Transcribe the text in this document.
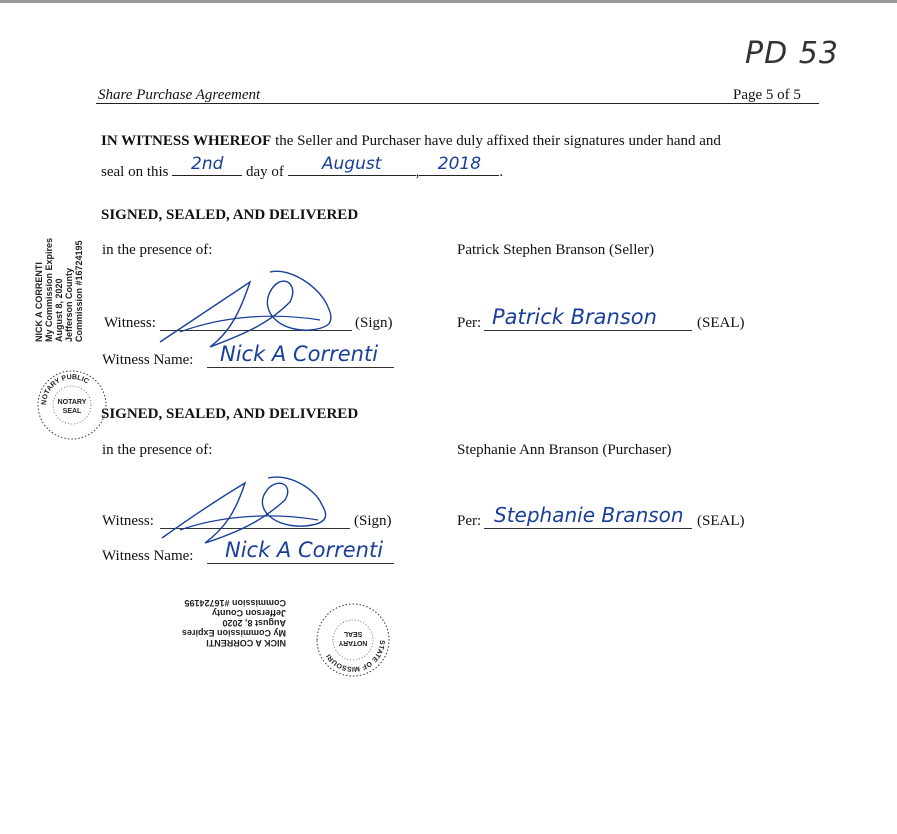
PD 53
Share Purchase Agreement	Page 5 of 5
IN WITNESS WHEREOF the Seller and Purchaser have duly affixed their signatures under hand and
seal on this	2nd	day of	August	,	2018	.
SIGNED, SEALED, AND DELIVERED
in the presence of:
Witness:	(Sign)
Witness Name: Nick A Correnti
Patrick Stephen Branson (Seller)
Per: Patrick Branson	(SEAL)
SIGNED, SEALED, AND DELIVERED
in the presence of:
Witness:	(Sign)
Witness Name: Nick A Correnti
Stephanie Ann Branson (Purchaser)
Per: Stephanie Branson (SEAL)
NICK A CORRENTI My Commission Expires August 8, 2020 Jefferson County Commission #16724195
NOTARY PUBLIC
NOTARY
SEAL
NICK A CORRENTI
My Commission Expires
August 8, 2020
Jefferson County
Commission #16724195
STATE OF MISSOURI
NOTARY
SEAL
